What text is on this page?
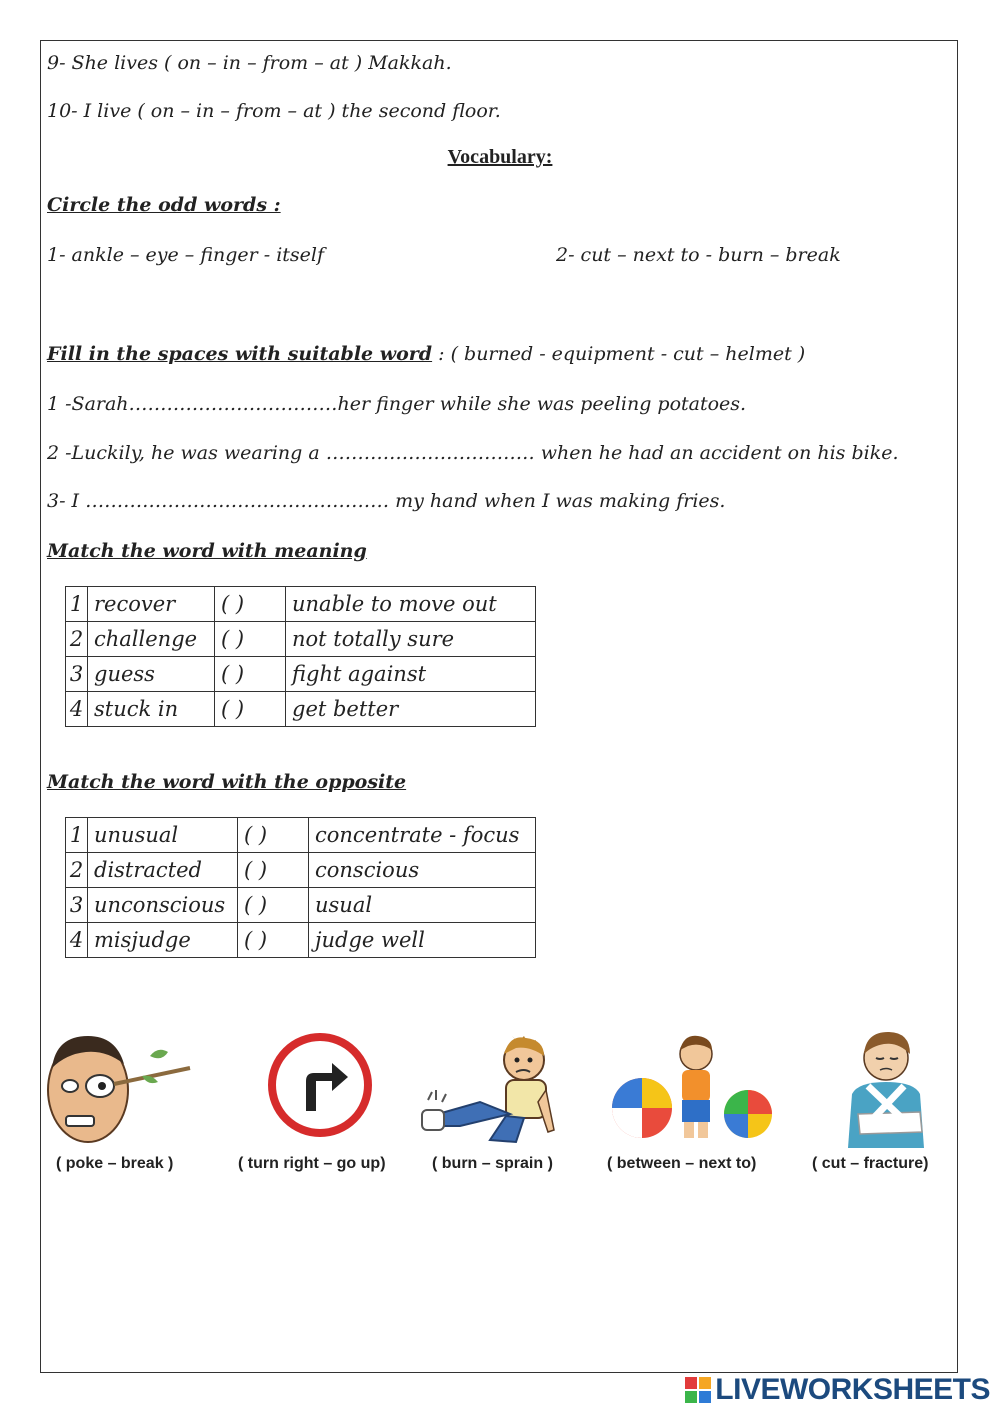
9- She lives ( on – in – from – at ) Makkah.
10- I live ( on – in – from – at ) the second floor.
Vocabulary:
Circle the odd words :
1- ankle – eye – finger - itself	2- cut – next to - burn – break
Fill in the spaces with suitable word : ( burned - equipment - cut – helmet )
1 -Sarah……………………………her finger while she was peeling potatoes.
2 -Luckily, he was wearing a …………………………… when he had an accident on his bike.
3- I ………………………………………… my hand when I was making fries.
Match the word with meaning
1	recover	( )	unable to move out
2	challenge	( )	not totally sure
3	guess	( )	fight against
4	stuck in	( )	get better
Match the word with the opposite
1	unusual	( )	concentrate - focus
2	distracted	( )	conscious
3	unconscious	( )	usual
4	misjudge	( )	judge well
( poke – break )	( turn right – go up)	( burn – sprain )	( between – next to)	( cut – fracture)
LIVEWORKSHEETS
